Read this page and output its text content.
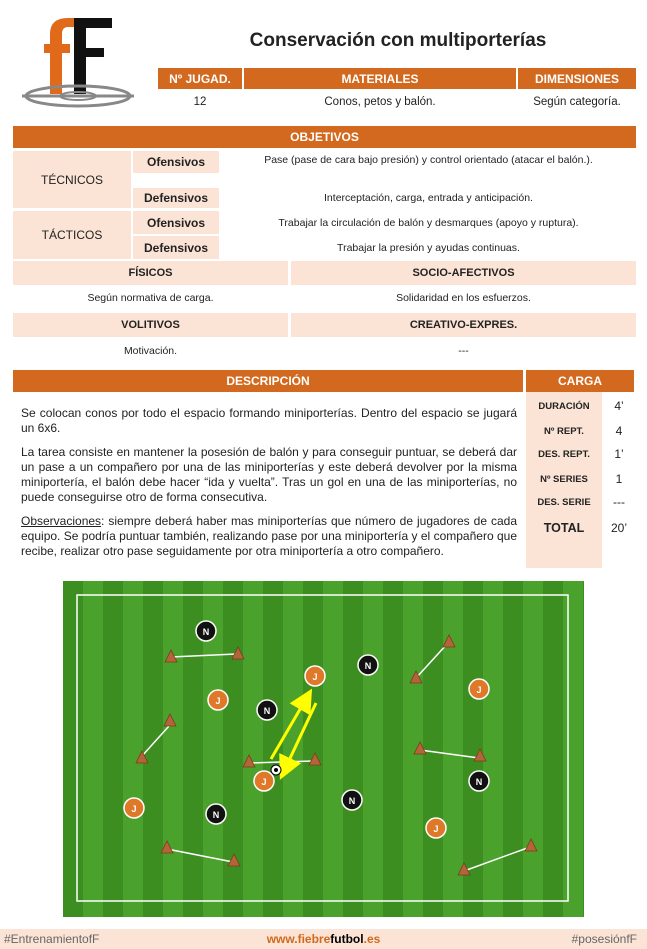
Conservación con multiporterías
Nº JUGAD.	MATERIALES	DIMENSIONES
12	Conos, petos y balón.	Según categoría.
OBJETIVOS
TÉCNICOS
Ofensivos	Pase (pase de cara bajo presión) y control orientado (atacar el balón.).
Defensivos	Interceptación, carga, entrada y anticipación.
TÁCTICOS
Ofensivos	Trabajar la circulación de balón y desmarques (apoyo y ruptura).
Defensivos	Trabajar la presión y ayudas continuas.
FÍSICOS	SOCIO-AFECTIVOS
Según normativa de carga.	Solidaridad en los esfuerzos.
VOLITIVOS	CREATIVO-EXPRES.
Motivación.	---
DESCRIPCIÓN

Se colocan conos por todo el espacio formando miniporterías. Dentro del espacio se jugará un 6x6.

La tarea consiste en mantener la posesión de balón y para conseguir puntuar, se deberá dar un pase a un compañero por una de las miniporterías y este deberá devolver por la misma miniportería, el balón debe hacer “ida y vuelta”. Tras un gol en una de las miniporterías, no puede conseguirse otro de forma consecutiva.

Observaciones: siempre deberá haber mas miniporterías que número de jugadores de cada equipo. Se podría puntuar también, realizando pase por una miniportería y el compañero que recibe, realizar otro pase seguidamente por otra miniportería a otro compañero.

CARGA
DURACIÓN	4’
Nº REPT.	4
DES. REPT.	1’
Nº SERIES	1
DES. SERIE	---
TOTAL	20’
J
J
J
J
J
J
N
N
N
N
N
N
#EntrenamientofF	www.fiebrefutbol.es	#posesiónfF
